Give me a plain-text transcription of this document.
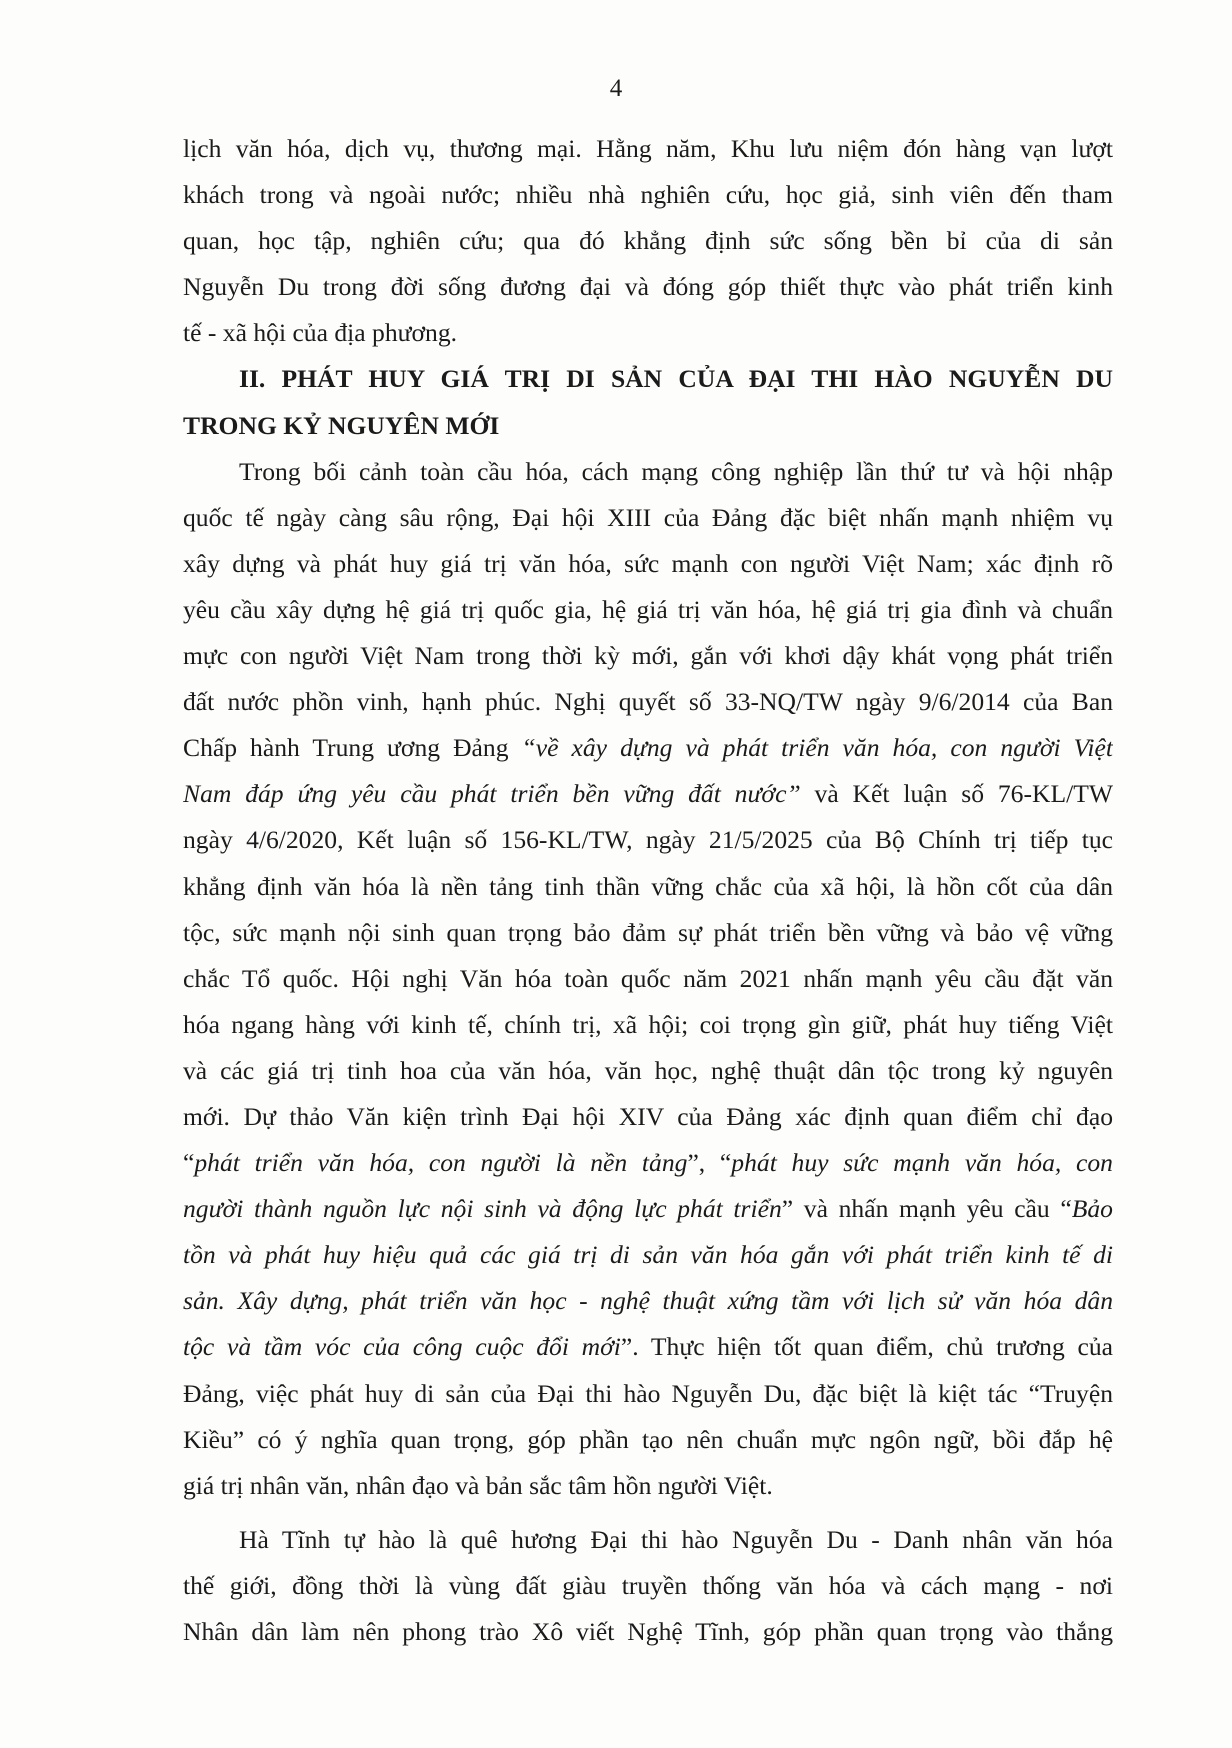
4
lịch văn hóa, dịch vụ, thương mại. Hằng năm, Khu lưu niệm đón hàng vạn lượt
khách trong và ngoài nước; nhiều nhà nghiên cứu, học giả, sinh viên đến tham
quan, học tập, nghiên cứu; qua đó khẳng định sức sống bền bỉ của di sản
Nguyễn Du trong đời sống đương đại và đóng góp thiết thực vào phát triển kinh
tế - xã hội của địa phương.
II. PHÁT HUY GIÁ TRỊ DI SẢN CỦA ĐẠI THI HÀO NGUYỄN DU
TRONG KỶ NGUYÊN MỚI
Trong bối cảnh toàn cầu hóa, cách mạng công nghiệp lần thứ tư và hội nhập
quốc tế ngày càng sâu rộng, Đại hội XIII của Đảng đặc biệt nhấn mạnh nhiệm vụ
xây dựng và phát huy giá trị văn hóa, sức mạnh con người Việt Nam; xác định rõ
yêu cầu xây dựng hệ giá trị quốc gia, hệ giá trị văn hóa, hệ giá trị gia đình và chuẩn
mực con người Việt Nam trong thời kỳ mới, gắn với khơi dậy khát vọng phát triển
đất nước phồn vinh, hạnh phúc. Nghị quyết số 33-NQ/TW ngày 9/6/2014 của Ban
Chấp hành Trung ương Đảng “về xây dựng và phát triển văn hóa, con người Việt
Nam đáp ứng yêu cầu phát triển bền vững đất nước” và Kết luận số 76-KL/TW
ngày 4/6/2020, Kết luận số 156-KL/TW, ngày 21/5/2025 của Bộ Chính trị tiếp tục
khẳng định văn hóa là nền tảng tinh thần vững chắc của xã hội, là hồn cốt của dân
tộc, sức mạnh nội sinh quan trọng bảo đảm sự phát triển bền vững và bảo vệ vững
chắc Tổ quốc. Hội nghị Văn hóa toàn quốc năm 2021 nhấn mạnh yêu cầu đặt văn
hóa ngang hàng với kinh tế, chính trị, xã hội; coi trọng gìn giữ, phát huy tiếng Việt
và các giá trị tinh hoa của văn hóa, văn học, nghệ thuật dân tộc trong kỷ nguyên
mới. Dự thảo Văn kiện trình Đại hội XIV của Đảng xác định quan điểm chỉ đạo
“phát triển văn hóa, con người là nền tảng”, “phát huy sức mạnh văn hóa, con
người thành nguồn lực nội sinh và động lực phát triển” và nhấn mạnh yêu cầu “Bảo
tồn và phát huy hiệu quả các giá trị di sản văn hóa gắn với phát triển kinh tế di
sản. Xây dựng, phát triển văn học - nghệ thuật xứng tầm với lịch sử văn hóa dân
tộc và tầm vóc của công cuộc đổi mới”. Thực hiện tốt quan điểm, chủ trương của
Đảng, việc phát huy di sản của Đại thi hào Nguyễn Du, đặc biệt là kiệt tác “Truyện
Kiều” có ý nghĩa quan trọng, góp phần tạo nên chuẩn mực ngôn ngữ, bồi đắp hệ
giá trị nhân văn, nhân đạo và bản sắc tâm hồn người Việt.
Hà Tĩnh tự hào là quê hương Đại thi hào Nguyễn Du - Danh nhân văn hóa
thế giới, đồng thời là vùng đất giàu truyền thống văn hóa và cách mạng - nơi
Nhân dân làm nên phong trào Xô viết Nghệ Tĩnh, góp phần quan trọng vào thắng
